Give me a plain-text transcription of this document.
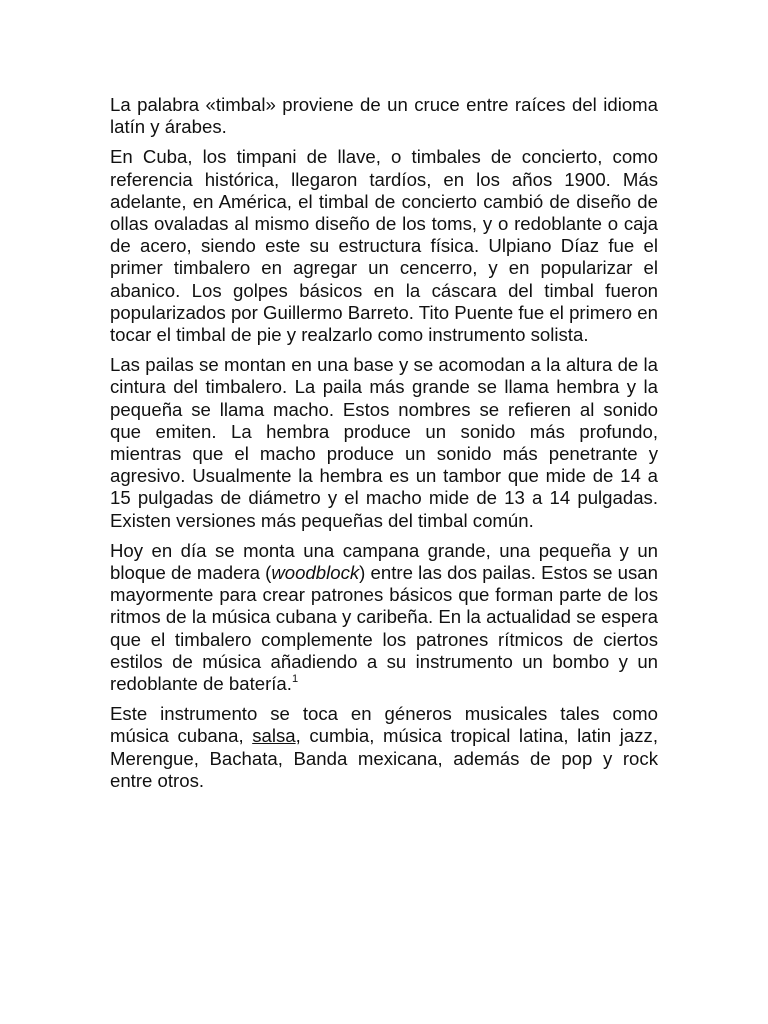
La palabra «timbal» proviene de un cruce entre raíces del idioma latín y árabes.

En Cuba, los timpani de llave, o timbales de concierto, como referencia histórica, llegaron tardíos, en los años 1900. Más adelante, en América, el timbal de concierto cambió de diseño de ollas ovaladas al mismo diseño de los toms, y o redoblante o caja de acero, siendo este su estructura física. Ulpiano Díaz fue el primer timbalero en agregar un cencerro, y en popularizar el abanico. Los golpes básicos en la cáscara del timbal fueron popularizados por Guillermo Barreto. Tito Puente fue el primero en tocar el timbal de pie y realzarlo como instrumento solista.

Las pailas se montan en una base y se acomodan a la altura de la cintura del timbalero. La paila más grande se llama hembra y la pequeña se llama macho. Estos nombres se refieren al sonido que emiten. La hembra produce un sonido más profundo, mientras que el macho produce un sonido más penetrante y agresivo. Usualmente la hembra es un tambor que mide de 14 a 15 pulgadas de diámetro y el macho mide de 13 a 14 pulgadas. Existen versiones más pequeñas del timbal común.

Hoy en día se monta una campana grande, una pequeña y un bloque de madera (woodblock) entre las dos pailas. Estos se usan mayormente para crear patrones básicos que forman parte de los ritmos de la música cubana y caribeña. En la actualidad se espera que el timbalero complemente los patrones rítmicos de ciertos estilos de música añadiendo a su instrumento un bombo y un redoblante de batería.$^1$

Este instrumento se toca en géneros musicales tales como música cubana, salsa, cumbia, música tropical latina, latin jazz, Merengue, Bachata, Banda mexicana, además de pop y rock entre otros.
